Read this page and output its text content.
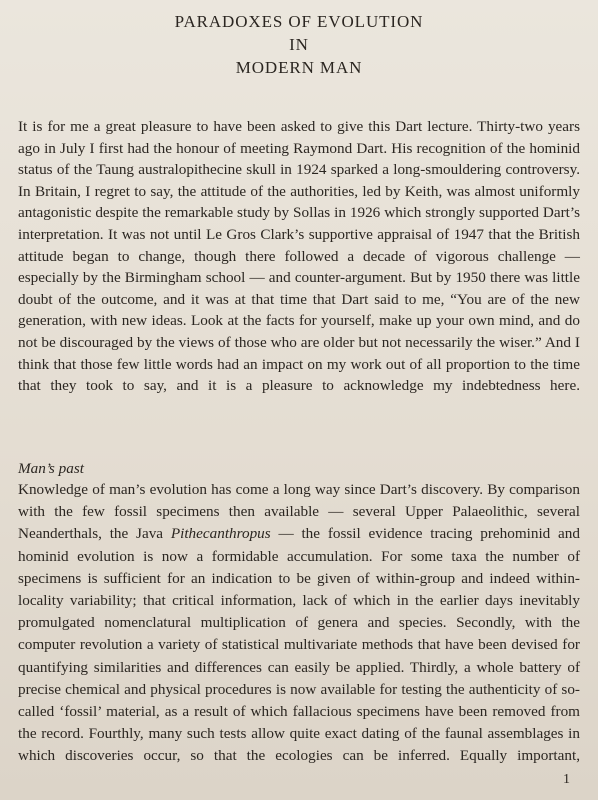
PARADOXES OF EVOLUTION
IN
MODERN MAN

It is for me a great pleasure to have been asked to give this Dart lecture. Thirty-two years ago in July I first had the honour of meeting Raymond Dart. His recognition of the hominid status of the Taung australopithecine skull in 1924 sparked a long-smouldering controversy. In Britain, I regret to say, the attitude of the authorities, led by Keith, was almost uniformly antagonistic despite the remarkable study by Sollas in 1926 which strongly supported Dart’s interpretation. It was not until Le Gros Clark’s supportive appraisal of 1947 that the British attitude began to change, though there followed a decade of vigorous challenge — especially by the Birmingham school — and counter-argument. But by 1950 there was little doubt of the outcome, and it was at that time that Dart said to me, “You are of the new generation, with new ideas. Look at the facts for yourself, make up your own mind, and do not be discouraged by the views of those who are older but not necessarily the wiser.” And I think that those few little words had an impact on my work out of all proportion to the time that they took to say, and it is a pleasure to acknowledge my indebtedness here.

Man’s past

Knowledge of man’s evolution has come a long way since Dart’s discovery. By comparison with the few fossil specimens then available — several Upper Palaeolithic, several Neanderthals, the Java Pithecanthropus — the fossil evidence tracing prehominid and hominid evolution is now a formidable accumulation. For some taxa the number of specimens is sufficient for an indication to be given of within-group and indeed within-locality variability; that critical information, lack of which in the earlier days inevitably promulgated nomenclatural multiplication of genera and species. Secondly, with the computer revolution a variety of statistical multivariate methods that have been devised for quantifying similarities and differences can easily be applied. Thirdly, a whole battery of precise chemical and physical procedures is now available for testing the authenticity of so-called ‘fossil’ material, as a result of which fallacious specimens have been removed from the record. Fourthly, many such tests allow quite exact dating of the faunal assemblages in which discoveries occur, so that the ecologies can be inferred. Equally important,

1
